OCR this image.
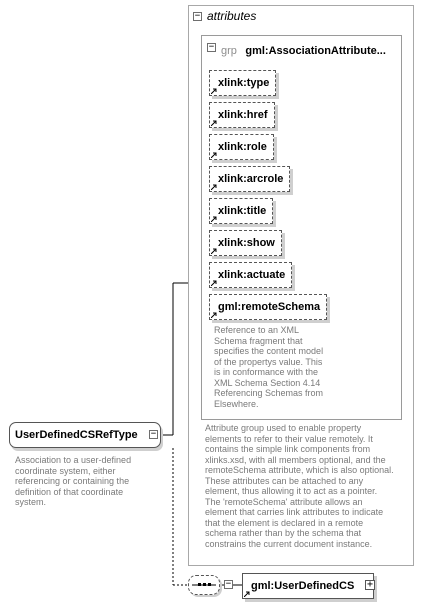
− attributes
− grp gml:AssociationAttribute...
xlink:type
xlink:href
xlink:role
xlink:arcrole
xlink:title
xlink:show
xlink:actuate
gml:remoteSchema
Reference to an XML
Schema fragment that
specifies the content model
of the propertys value. This
is in conformance with the
XML Schema Section 4.14
Referencing Schemas from
Elsewhere.
Attribute group used to enable property
elements to refer to their value remotely. It
contains the simple link components from
xlinks.xsd, with all members optional, and the
remoteSchema attribute, which is also optional.
These attributes can be attached to any
element, thus allowing it to act as a pointer.
The 'remoteSchema' attribute allows an
element that carries link attributes to indicate
that the element is declared in a remote
schema rather than by the schema that
constrains the current document instance.
UserDefinedCSRefType	−
Association to a user-defined
coordinate system, either
referencing or containing the
definition of that coordinate
system.
−	gml:UserDefinedCS	+
